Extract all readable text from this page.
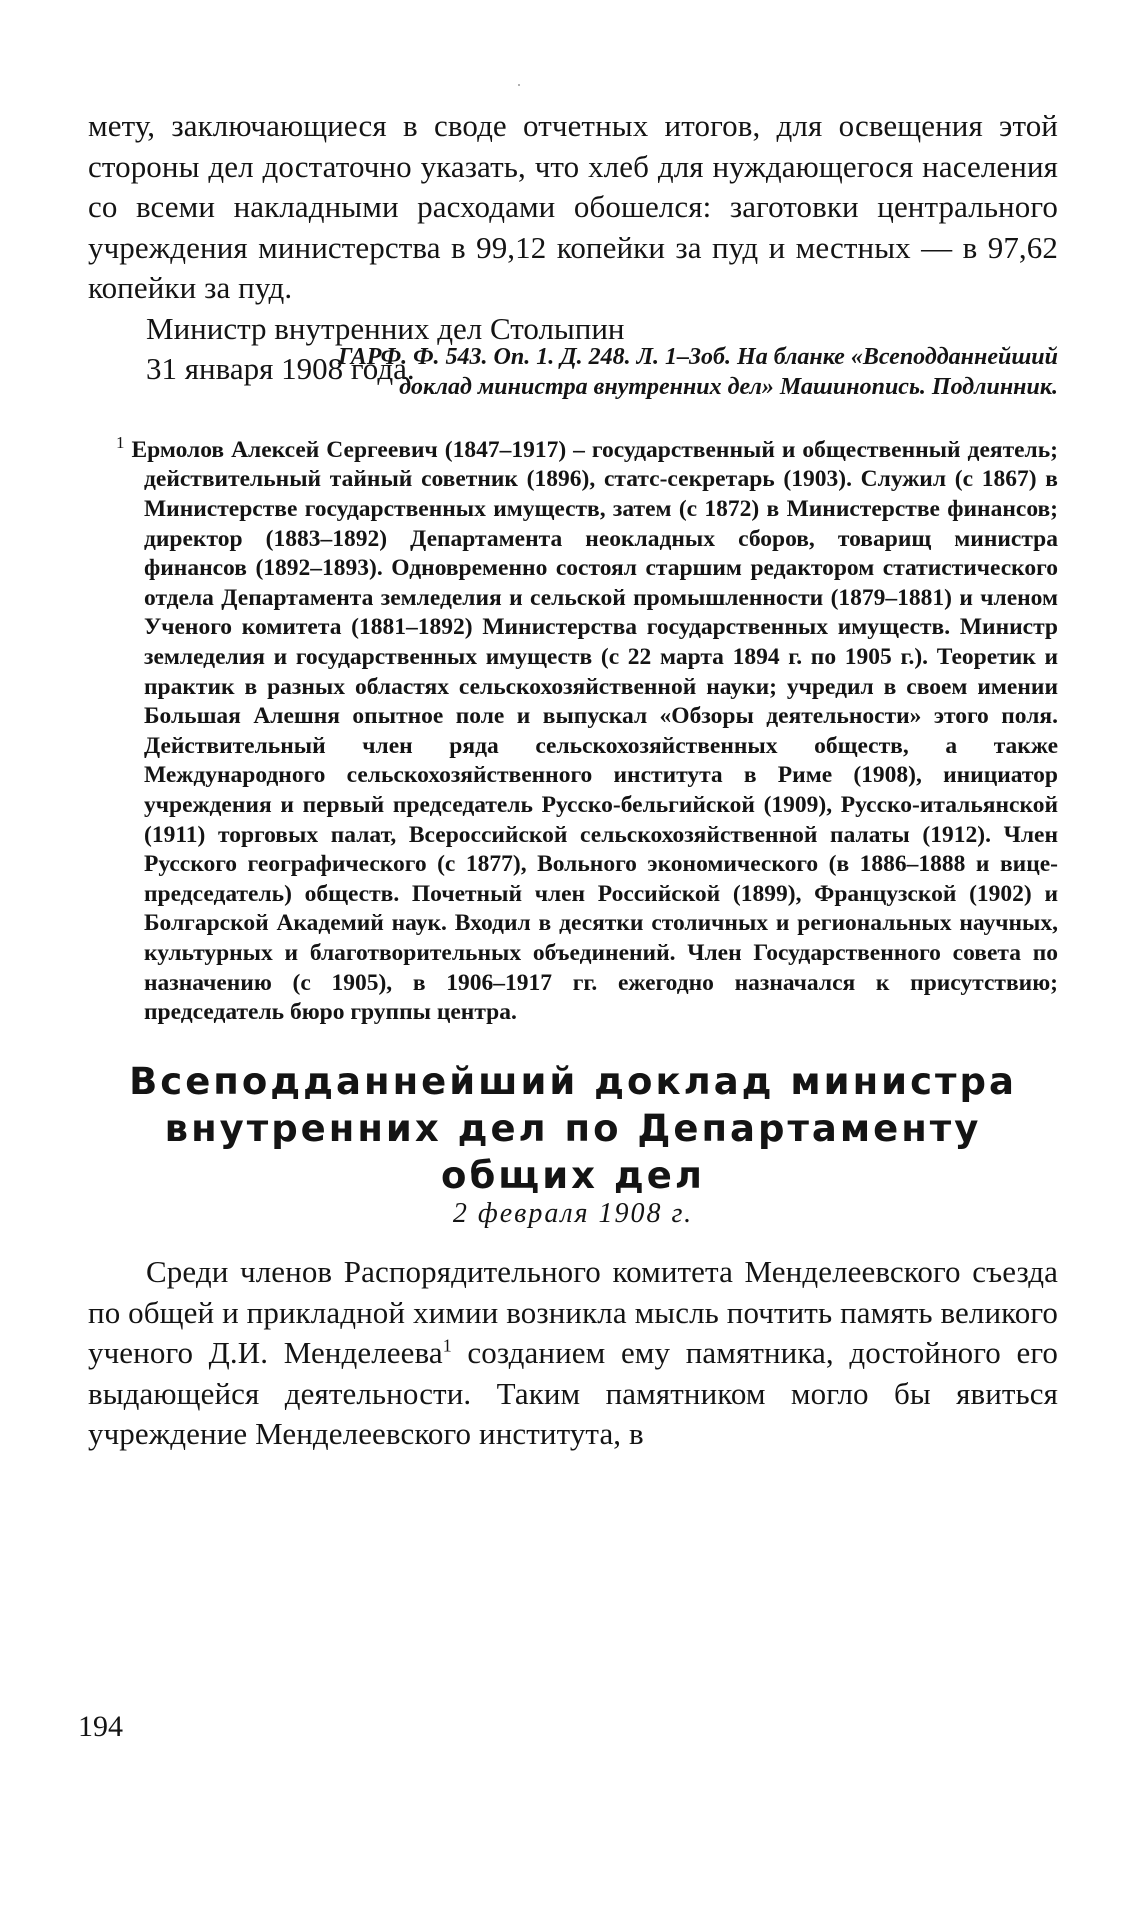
мету, заключающиеся в своде отчетных итогов, для освещения этой стороны дел достаточно указать, что хлеб для нуждающегося населения со всеми накладными расходами обошелся: заготовки центрального учреждения министерства в 99,12 копейки за пуд и местных — в 97,62 копейки за пуд.

Министр внутренних дел Столыпин

31 января 1908 года.

ГАРФ. Ф. 543. Оп. 1. Д. 248. Л. 1–3об. На бланке «Всеподданнейший
доклад министра внутренних дел» Машинопись. Подлинник.
$^1$ Ермолов Алексей Сергеевич (1847–1917) – государственный и общественный деятель; действительный тайный советник (1896), статс-секретарь (1903). Служил (с 1867) в Министерстве государственных имуществ, затем (с 1872) в Министерстве финансов; директор (1883–1892) Департамента неокладных сборов, товарищ министра финансов (1892–1893). Одновременно состоял старшим редактором статистического отдела Департамента земледелия и сельской промышленности (1879–1881) и членом Ученого комитета (1881–1892) Министерства государственных имуществ. Министр земледелия и государственных имуществ (с 22 марта 1894 г. по 1905 г.). Теоретик и практик в разных областях сельскохозяйственной науки; учредил в своем имении Большая Алешня опытное поле и выпускал «Обзоры деятельности» этого поля. Действительный член ряда сельскохозяйственных обществ, а также Международного сельскохозяйственного института в Риме (1908), инициатор учреждения и первый председатель Русско-бельгийской (1909), Русско-итальянской (1911) торговых палат, Всероссийской сельскохозяйственной палаты (1912). Член Русского географического (с 1877), Вольного экономического (в 1886–1888 и вице-председатель) обществ. Почетный член Российской (1899), Французской (1902) и Болгарской Академий наук. Входил в десятки столичных и региональных научных, культурных и благотворительных объединений. Член Государственного совета по назначению (с 1905), в 1906–1917 гг. ежегодно назначался к присутствию; председатель бюро группы центра.
Всеподданнейший доклад министра
внутренних дел по Департаменту
общих дел
2 февраля 1908 г.

Среди членов Распорядительного комитета Менделеевского съезда по общей и прикладной химии возникла мысль почтить память великого ученого Д.И. Менделеева$^1$ созданием ему памятника, достойного его выдающейся деятельности. Таким памятником могло бы явиться учреждение Менделеевского института, в

194
